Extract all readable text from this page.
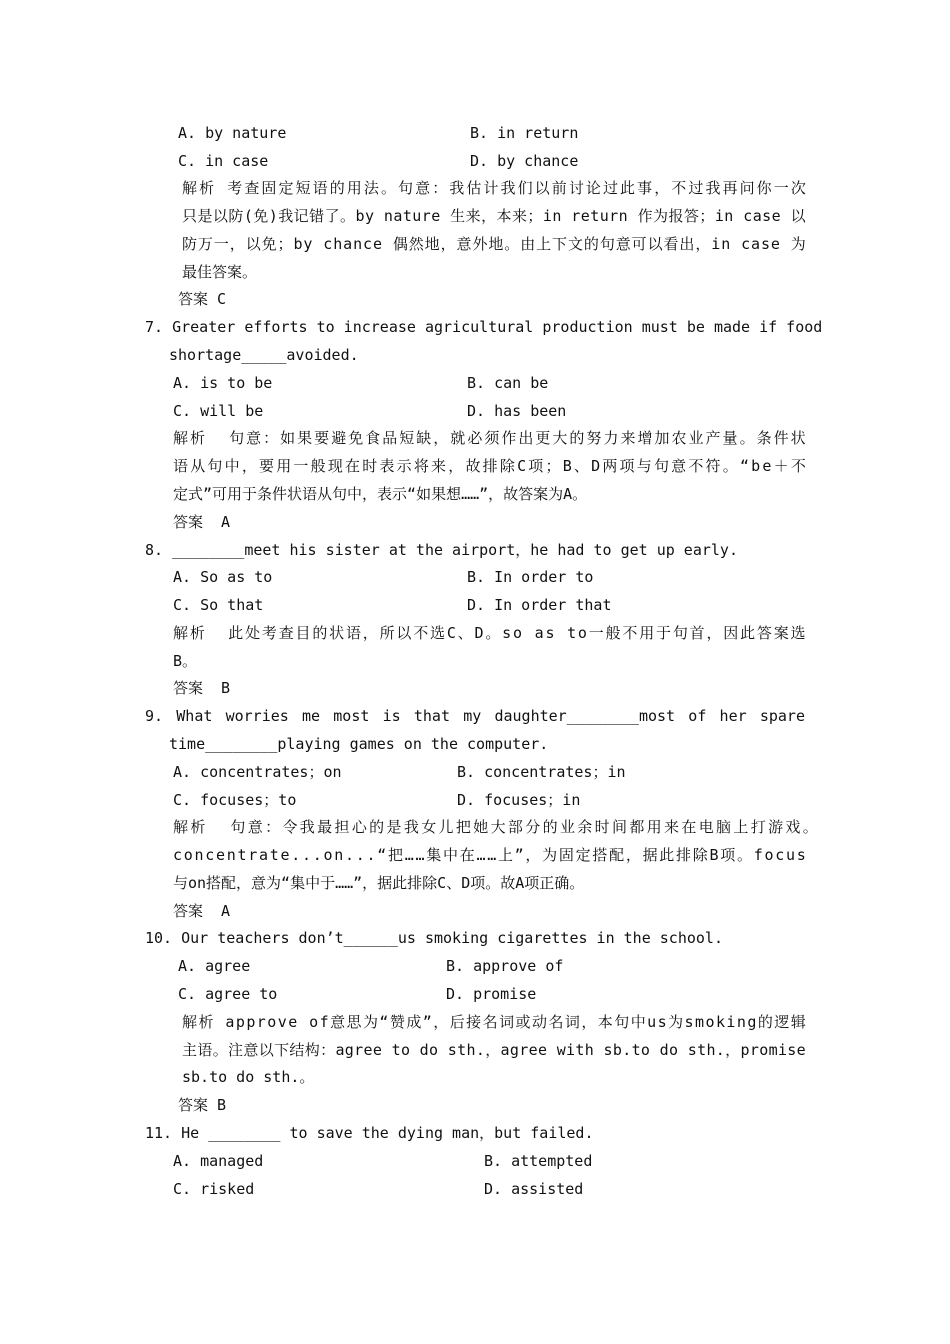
A. by nature	B. in return
C. in case	D. by chance
解 析
考 查 固 定 短 语 的 用 法 。 句 意 ： 我 估 计 我 们 以 前 讨 论 过 此 事 ， 不 过 我 再 问 你 一 次
只 是 以 防 ( 免 ) 我 记 错 了 。 b y
n a t u r e
生 来 ， 本 来 ； i n
r e t u r n
作 为 报 答 ； i n
c a s e
以
防 万 一 ， 以 免 ； b y
c h a n c e
偶 然 地 ， 意 外 地 。 由 上 下 文 的 句 意 可 以 看 出 ， i n
c a s e
为
最佳答案。
答案 C
7. Greater efforts to increase agricultural production must be made if food
shortage_____avoided.
A. is to be	B. can be
C. will be	D. has been
解 析

句 意 ： 如 果 要 避 免 食 品 短 缺 ， 就 必 须 作 出 更 大 的 努 力 来 增 加 农 业 产 量 。 条 件 状
语 从 句 中 ， 要 用 一 般 现 在 时 表 示 将 来 ， 故 排 除 C 项 ； B 、 D 两 项 与 句 意 不 符 。 “ b e ＋ 不
定式”可用于条件状语从句中，表示“如果想……”，故答案为A。
答案  A
8. ________meet his sister at the airport，he had to get up early.
A. So as to	B. In order to
C. So that	D. In order that
解 析

此 处 考 查 目 的 状 语 ， 所 以 不 选 C 、 D 。 s o
a s
t o 一 般 不 用 于 句 首 ， 因 此 答 案 选
B。
答案  B
9. What worries me most is that my daughter________most of her spare
time________playing games on the computer.
A. concentrates；on	B. concentrates；in
C. focuses；to	D. focuses；in
解 析

句 意 ： 令 我 最 担 心 的 是 我 女 儿 把 她 大 部 分 的 业 余 时 间 都 用 来 在 电 脑 上 打 游 戏 。
c o n c e n t r a t e . . . o n . . . “ 把 … … 集 中 在 … … 上 ” ， 为 固 定 搭 配 ， 据 此 排 除 B 项 。 f o c u s
与on搭配，意为“集中于……”，据此排除C、D项。故A项正确。
答案  A
10. Our teachers don’t______us smoking cigarettes in the school.
A. agree	B. approve of
C. agree to	D. promise
解 析
a p p r o v e
o f 意 思 为 “ 赞 成 ” ， 后 接 名 词 或 动 名 词 ， 本 句 中 u s 为 s m o k i n g 的 逻 辑
主 语 。 注 意 以 下 结 构 ： a g r e e
t o
d o
s t h . ， a g r e e
w i t h
s b . t o
d o
s t h . ， p r o m i s e
sb.to do sth.。
答案 B
11. He ________ to save the dying man，but failed.
A. managed	B. attempted
C. risked	D. assisted
